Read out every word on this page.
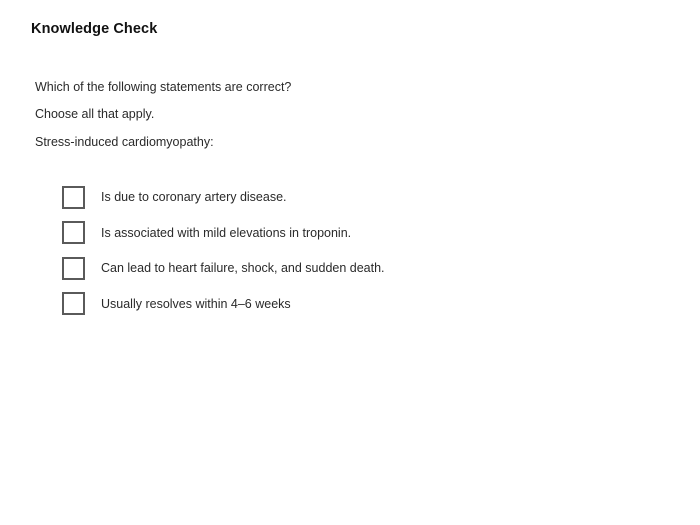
Knowledge Check
Which of the following statements are correct?
Choose all that apply.
Stress-induced cardiomyopathy:
Is due to coronary artery disease.
Is associated with mild elevations in troponin.
Can lead to heart failure, shock, and sudden death.
Usually resolves within 4–6 weeks
